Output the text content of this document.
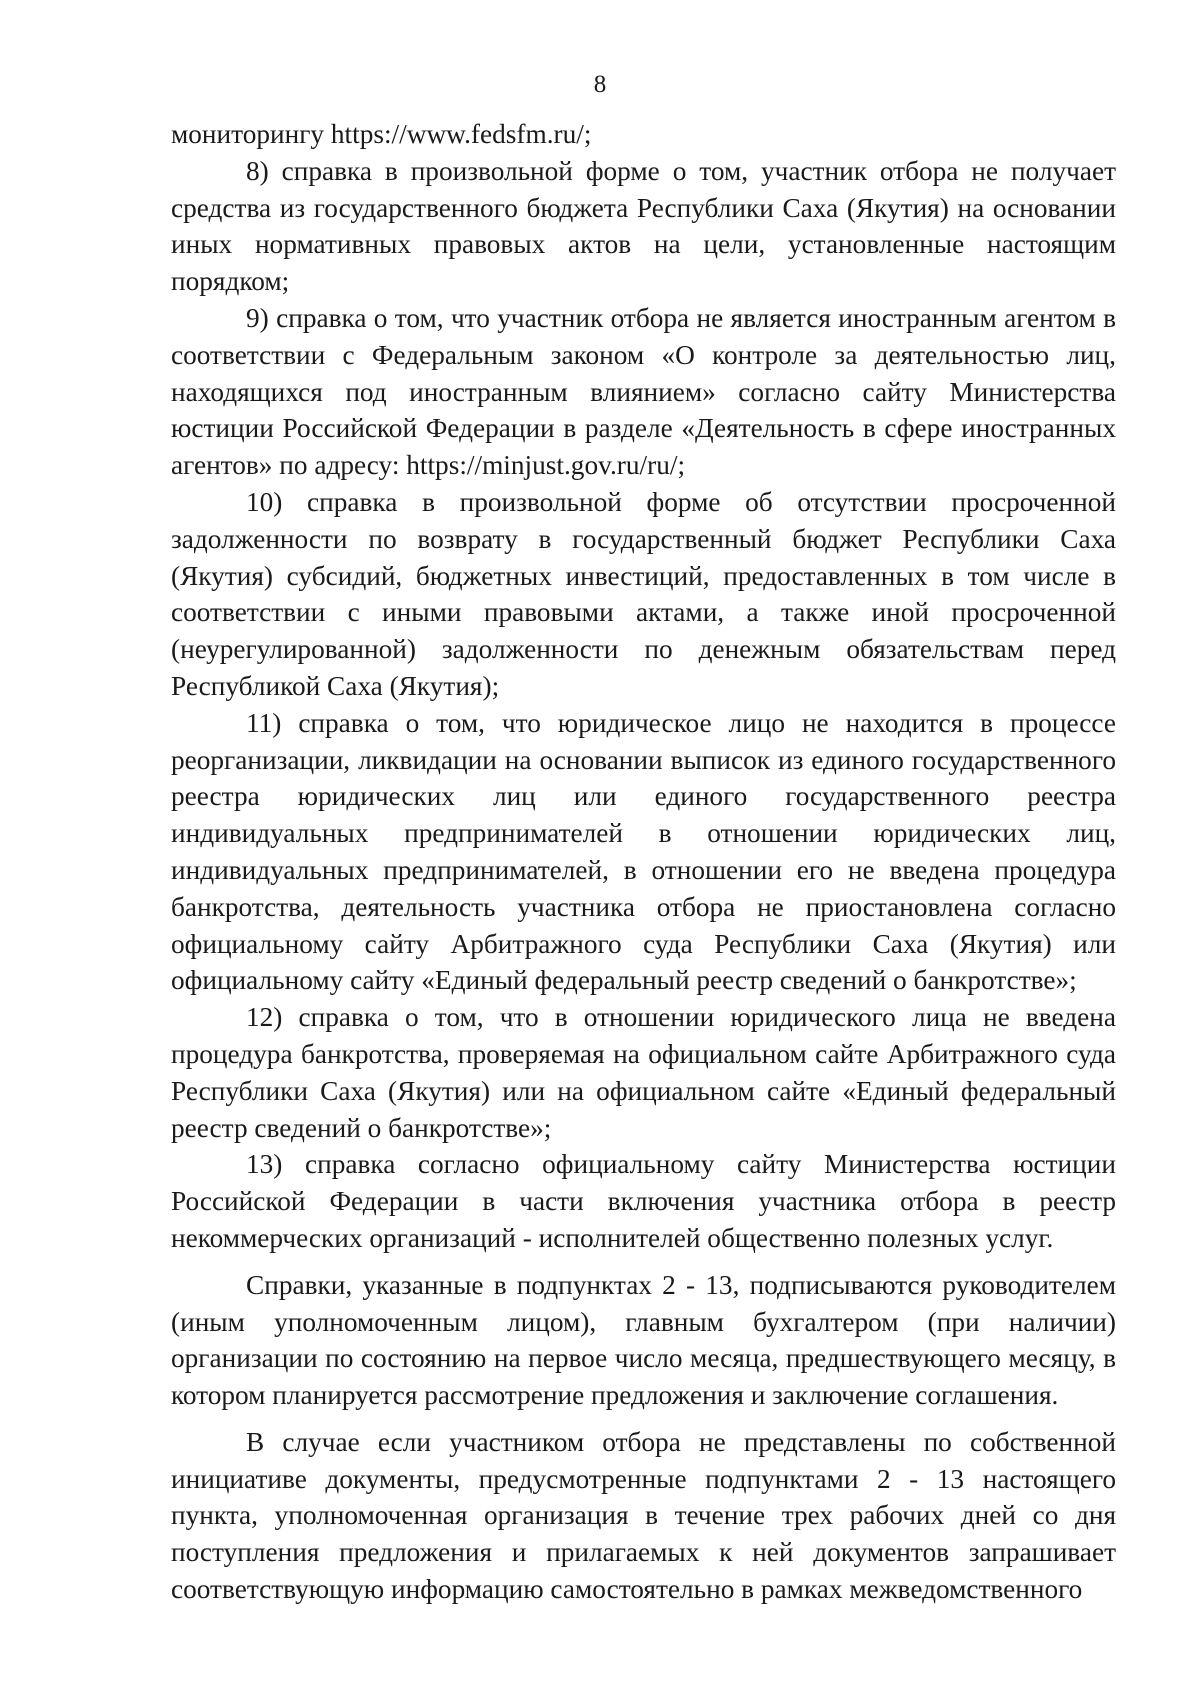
8

мониторингу https://www.fedsfm.ru/;

8) справка в произвольной форме о том, участник отбора не получает средства из государственного бюджета Республики Саха (Якутия) на основании иных нормативных правовых актов на цели, установленные настоящим порядком;

9) справка о том, что участник отбора не является иностранным агентом в соответствии с Федеральным законом «О контроле за деятельностью лиц, находящихся под иностранным влиянием» согласно сайту Министерства юстиции Российской Федерации в разделе «Деятельность в сфере иностранных агентов» по адресу: https://minjust.gov.ru/ru/;

10) справка в произвольной форме об отсутствии просроченной задолженности по возврату в государственный бюджет Республики Саха (Якутия) субсидий, бюджетных инвестиций, предоставленных в том числе в соответствии с иными правовыми актами, а также иной просроченной (неурегулированной) задолженности по денежным обязательствам перед Республикой Саха (Якутия);

11) справка о том, что юридическое лицо не находится в процессе реорганизации, ликвидации на основании выписок из единого государственного реестра юридических лиц или единого государственного реестра индивидуальных предпринимателей в отношении юридических лиц, индивидуальных предпринимателей, в отношении его не введена процедура банкротства, деятельность участника отбора не приостановлена согласно официальному сайту Арбитражного суда Республики Саха (Якутия) или официальному сайту «Единый федеральный реестр сведений о банкротстве»;

12) справка о том, что в отношении юридического лица не введена процедура банкротства, проверяемая на официальном сайте Арбитражного суда Республики Саха (Якутия) или на официальном сайте «Единый федеральный реестр сведений о банкротстве»;

13) справка согласно официальному сайту Министерства юстиции Российской Федерации в части включения участника отбора в реестр некоммерческих организаций - исполнителей общественно полезных услуг.

Справки, указанные в подпунктах 2 - 13, подписываются руководителем (иным уполномоченным лицом), главным бухгалтером (при наличии) организации по состоянию на первое число месяца, предшествующего месяцу, в котором планируется рассмотрение предложения и заключение соглашения.

В случае если участником отбора не представлены по собственной инициативе документы, предусмотренные подпунктами 2 - 13 настоящего пункта, уполномоченная организация в течение трех рабочих дней со дня поступления предложения и прилагаемых к ней документов запрашивает соответствующую информацию самостоятельно в рамках межведомственного
